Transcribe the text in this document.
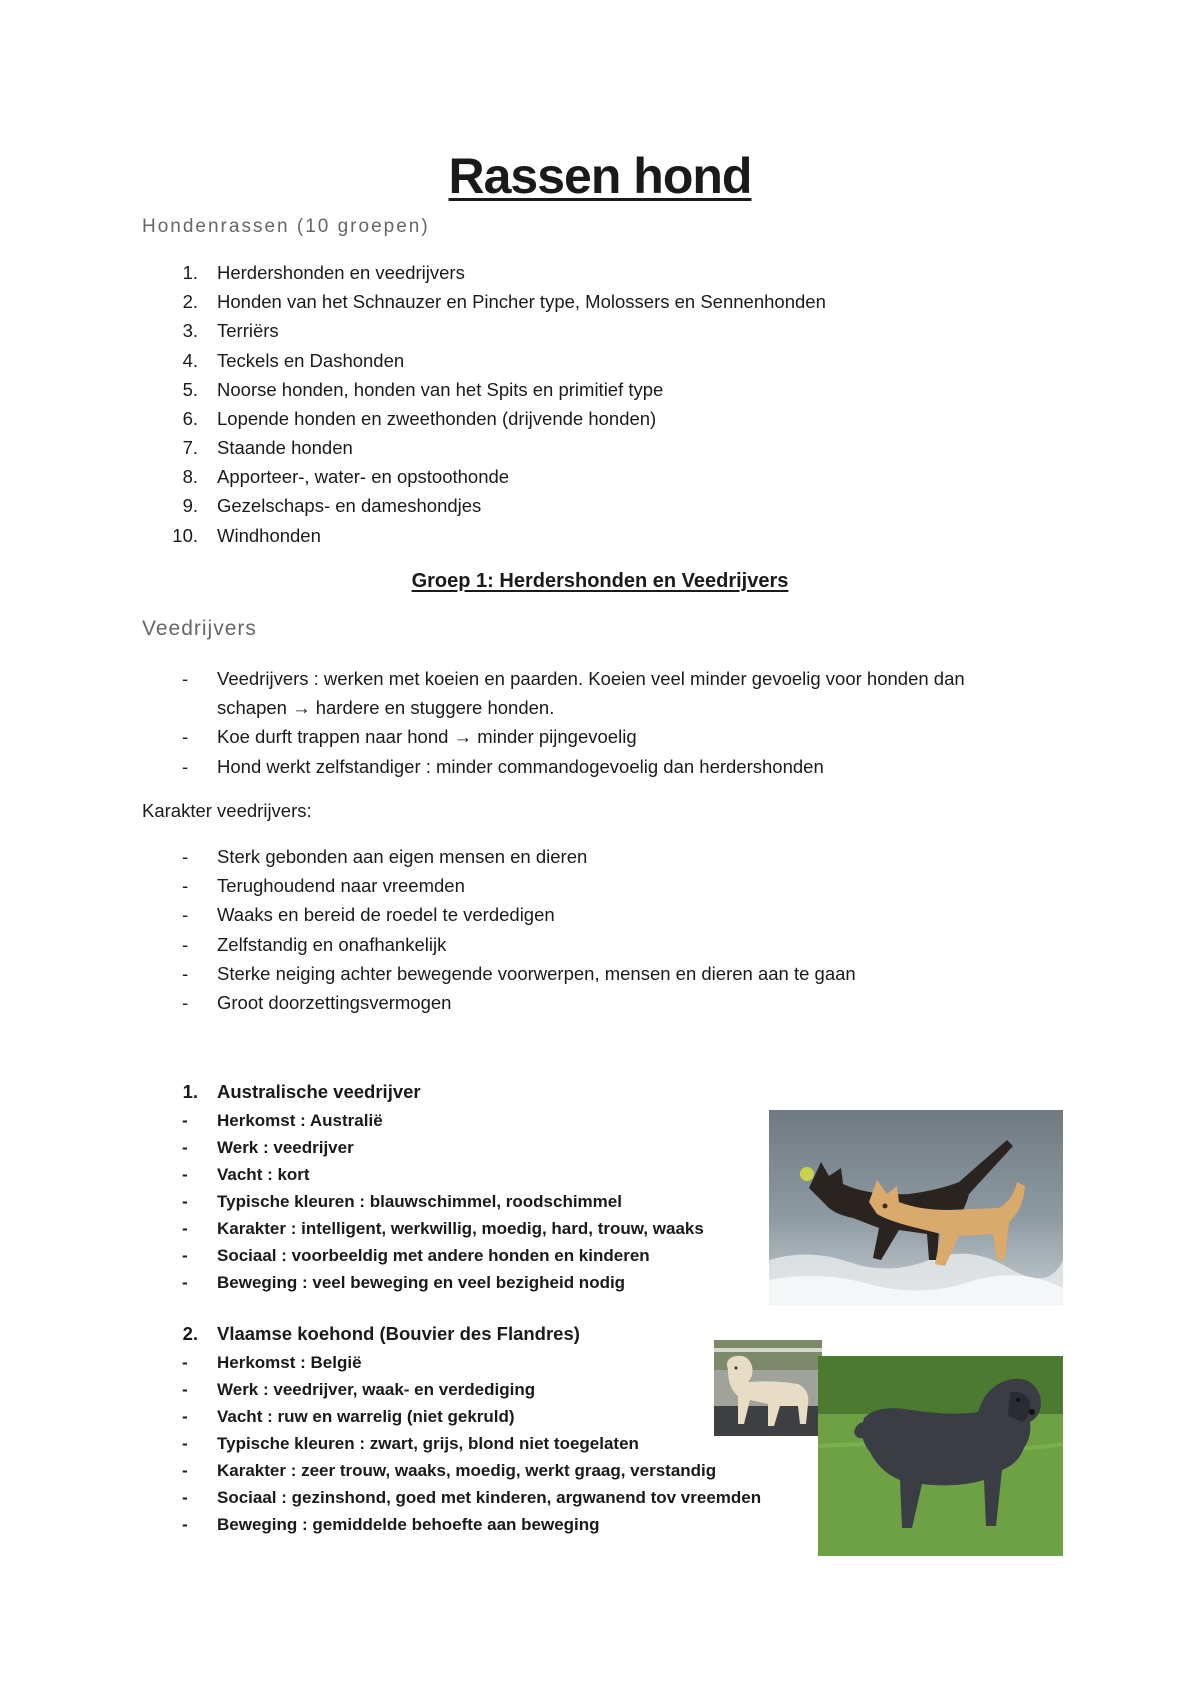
Rassen hond
Hondenrassen (10 groepen)
1. Herdershonden en veedrijvers
2. Honden van het Schnauzer en Pincher type, Molossers en Sennenhonden
3. Terriërs
4. Teckels en Dashonden
5. Noorse honden, honden van het Spits en primitief type
6. Lopende honden en zweethonden (drijvende honden)
7. Staande honden
8. Apporteer-, water- en opstoothonde
9. Gezelschaps- en dameshondjes
10. Windhonden
Groep 1: Herdershonden en Veedrijvers
Veedrijvers
- Veedrijvers : werken met koeien en paarden. Koeien veel minder gevoelig voor honden dan
schapen → hardere en stuggere honden.
- Koe durft trappen naar hond → minder pijngevoelig
- Hond werkt zelfstandiger : minder commandogevoelig dan herdershonden
Karakter veedrijvers:
- Sterk gebonden aan eigen mensen en dieren
- Terughoudend naar vreemden
- Waaks en bereid de roedel te verdedigen
- Zelfstandig en onafhankelijk
- Sterke neiging achter bewegende voorwerpen, mensen en dieren aan te gaan
- Groot doorzettingsvermogen
1. Australische veedrijver
- Herkomst : Australië
- Werk : veedrijver
- Vacht : kort
- Typische kleuren : blauwschimmel, roodschimmel
- Karakter : intelligent, werkwillig, moedig, hard, trouw, waaks
- Sociaal : voorbeeldig met andere honden en kinderen
- Beweging : veel beweging en veel bezigheid nodig
2. Vlaamse koehond (Bouvier des Flandres)
- Herkomst : België
- Werk : veedrijver, waak- en verdediging
- Vacht : ruw en warrelig (niet gekruld)
- Typische kleuren : zwart, grijs, blond niet toegelaten
- Karakter : zeer trouw, waaks, moedig, werkt graag, verstandig
- Sociaal : gezinshond, goed met kinderen, argwanend tov vreemden
- Beweging : gemiddelde behoefte aan beweging
